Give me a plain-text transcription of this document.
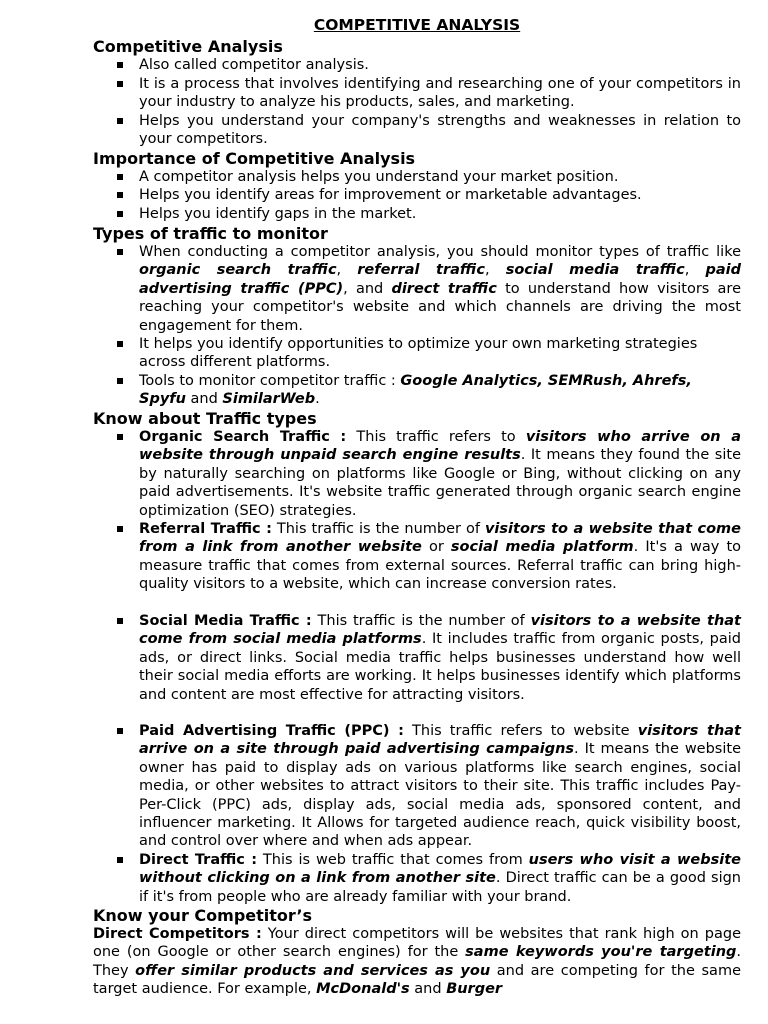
COMPETITIVE ANALYSIS
Competitive Analysis
Also called competitor analysis.
It is a process that involves identifying and researching one of your competitors in your industry to analyze his products, sales, and marketing.
Helps you understand your company's strengths and weaknesses in relation to your competitors.
Importance of Competitive Analysis
A competitor analysis helps you understand your market position.
Helps you identify areas for improvement or marketable advantages.
Helps you identify gaps in the market.
Types of traffic to monitor
When conducting a competitor analysis, you should monitor types of traffic like organic search traffic, referral traffic, social media traffic, paid advertising traffic (PPC), and direct traffic to understand how visitors are reaching your competitor's website and which channels are driving the most engagement for them.
It helps you identify opportunities to optimize your own marketing strategies across different platforms.
Tools to monitor competitor traffic : Google Analytics, SEMRush, Ahrefs, Spyfu and SimilarWeb.
Know about Traffic types
Organic Search Traffic : This traffic refers to visitors who arrive on a website through unpaid search engine results. It means they found the site by naturally searching on platforms like Google or Bing, without clicking on any paid advertisements. It's website traffic generated through organic search engine optimization (SEO) strategies.
Referral Traffic : This traffic is the number of visitors to a website that come from a link from another website or social media platform. It's a way to measure traffic that comes from external sources. Referral traffic can bring high-quality visitors to a website, which can increase conversion rates.
Social Media Traffic : This traffic is the number of visitors to a website that come from social media platforms. It includes traffic from organic posts, paid ads, or direct links. Social media traffic helps businesses understand how well their social media efforts are working. It helps businesses identify which platforms and content are most effective for attracting visitors.
Paid Advertising Traffic (PPC) : This traffic refers to website visitors that arrive on a site through paid advertising campaigns. It means the website owner has paid to display ads on various platforms like search engines, social media, or other websites to attract visitors to their site. This traffic includes Pay-Per-Click (PPC) ads, display ads, social media ads, sponsored content, and influencer marketing. It Allows for targeted audience reach, quick visibility boost, and control over where and when ads appear.
Direct Traffic : This is web traffic that comes from users who visit a website without clicking on a link from another site. Direct traffic can be a good sign if it's from people who are already familiar with your brand.
Know your Competitor’s
Direct Competitors : Your direct competitors will be websites that rank high on page one (on Google or other search engines) for the same keywords you're targeting. They offer similar products and services as you and are competing for the same target audience. For example, McDonald's and Burger
